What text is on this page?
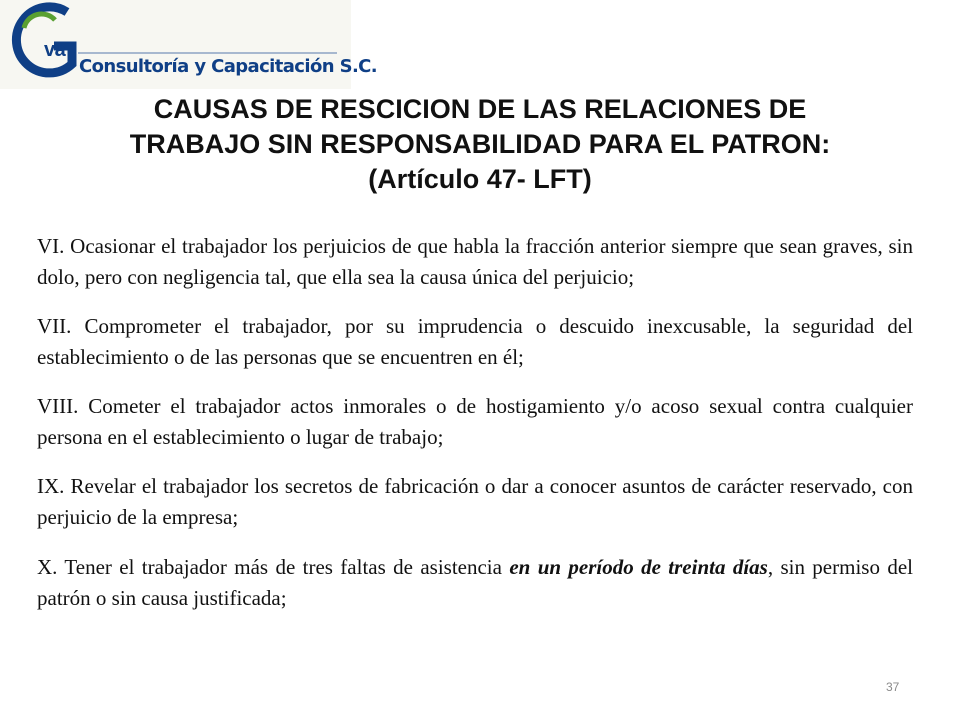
va
Consultoría y Capacitación S.C.
CAUSAS DE RESCICION DE LAS RELACIONES DE
TRABAJO SIN RESPONSABILIDAD PARA EL PATRON:
(Artículo 47- LFT)

VI. Ocasionar el trabajador los perjuicios de que habla la fracción anterior siempre que sean graves, sin dolo, pero con negligencia tal, que ella sea la causa única del perjuicio;

VII. Comprometer el trabajador, por su imprudencia o descuido inexcusable, la seguridad del establecimiento o de las personas que se encuentren en él;

VIII. Cometer el trabajador actos inmorales o de hostigamiento y/o acoso sexual contra cualquier persona en el establecimiento o lugar de trabajo;

IX. Revelar el trabajador los secretos de fabricación o dar a conocer asuntos de carácter reservado, con perjuicio de la empresa;

X. Tener el trabajador más de tres faltas de asistencia en un período de treinta días, sin permiso del patrón o sin causa justificada;

37
